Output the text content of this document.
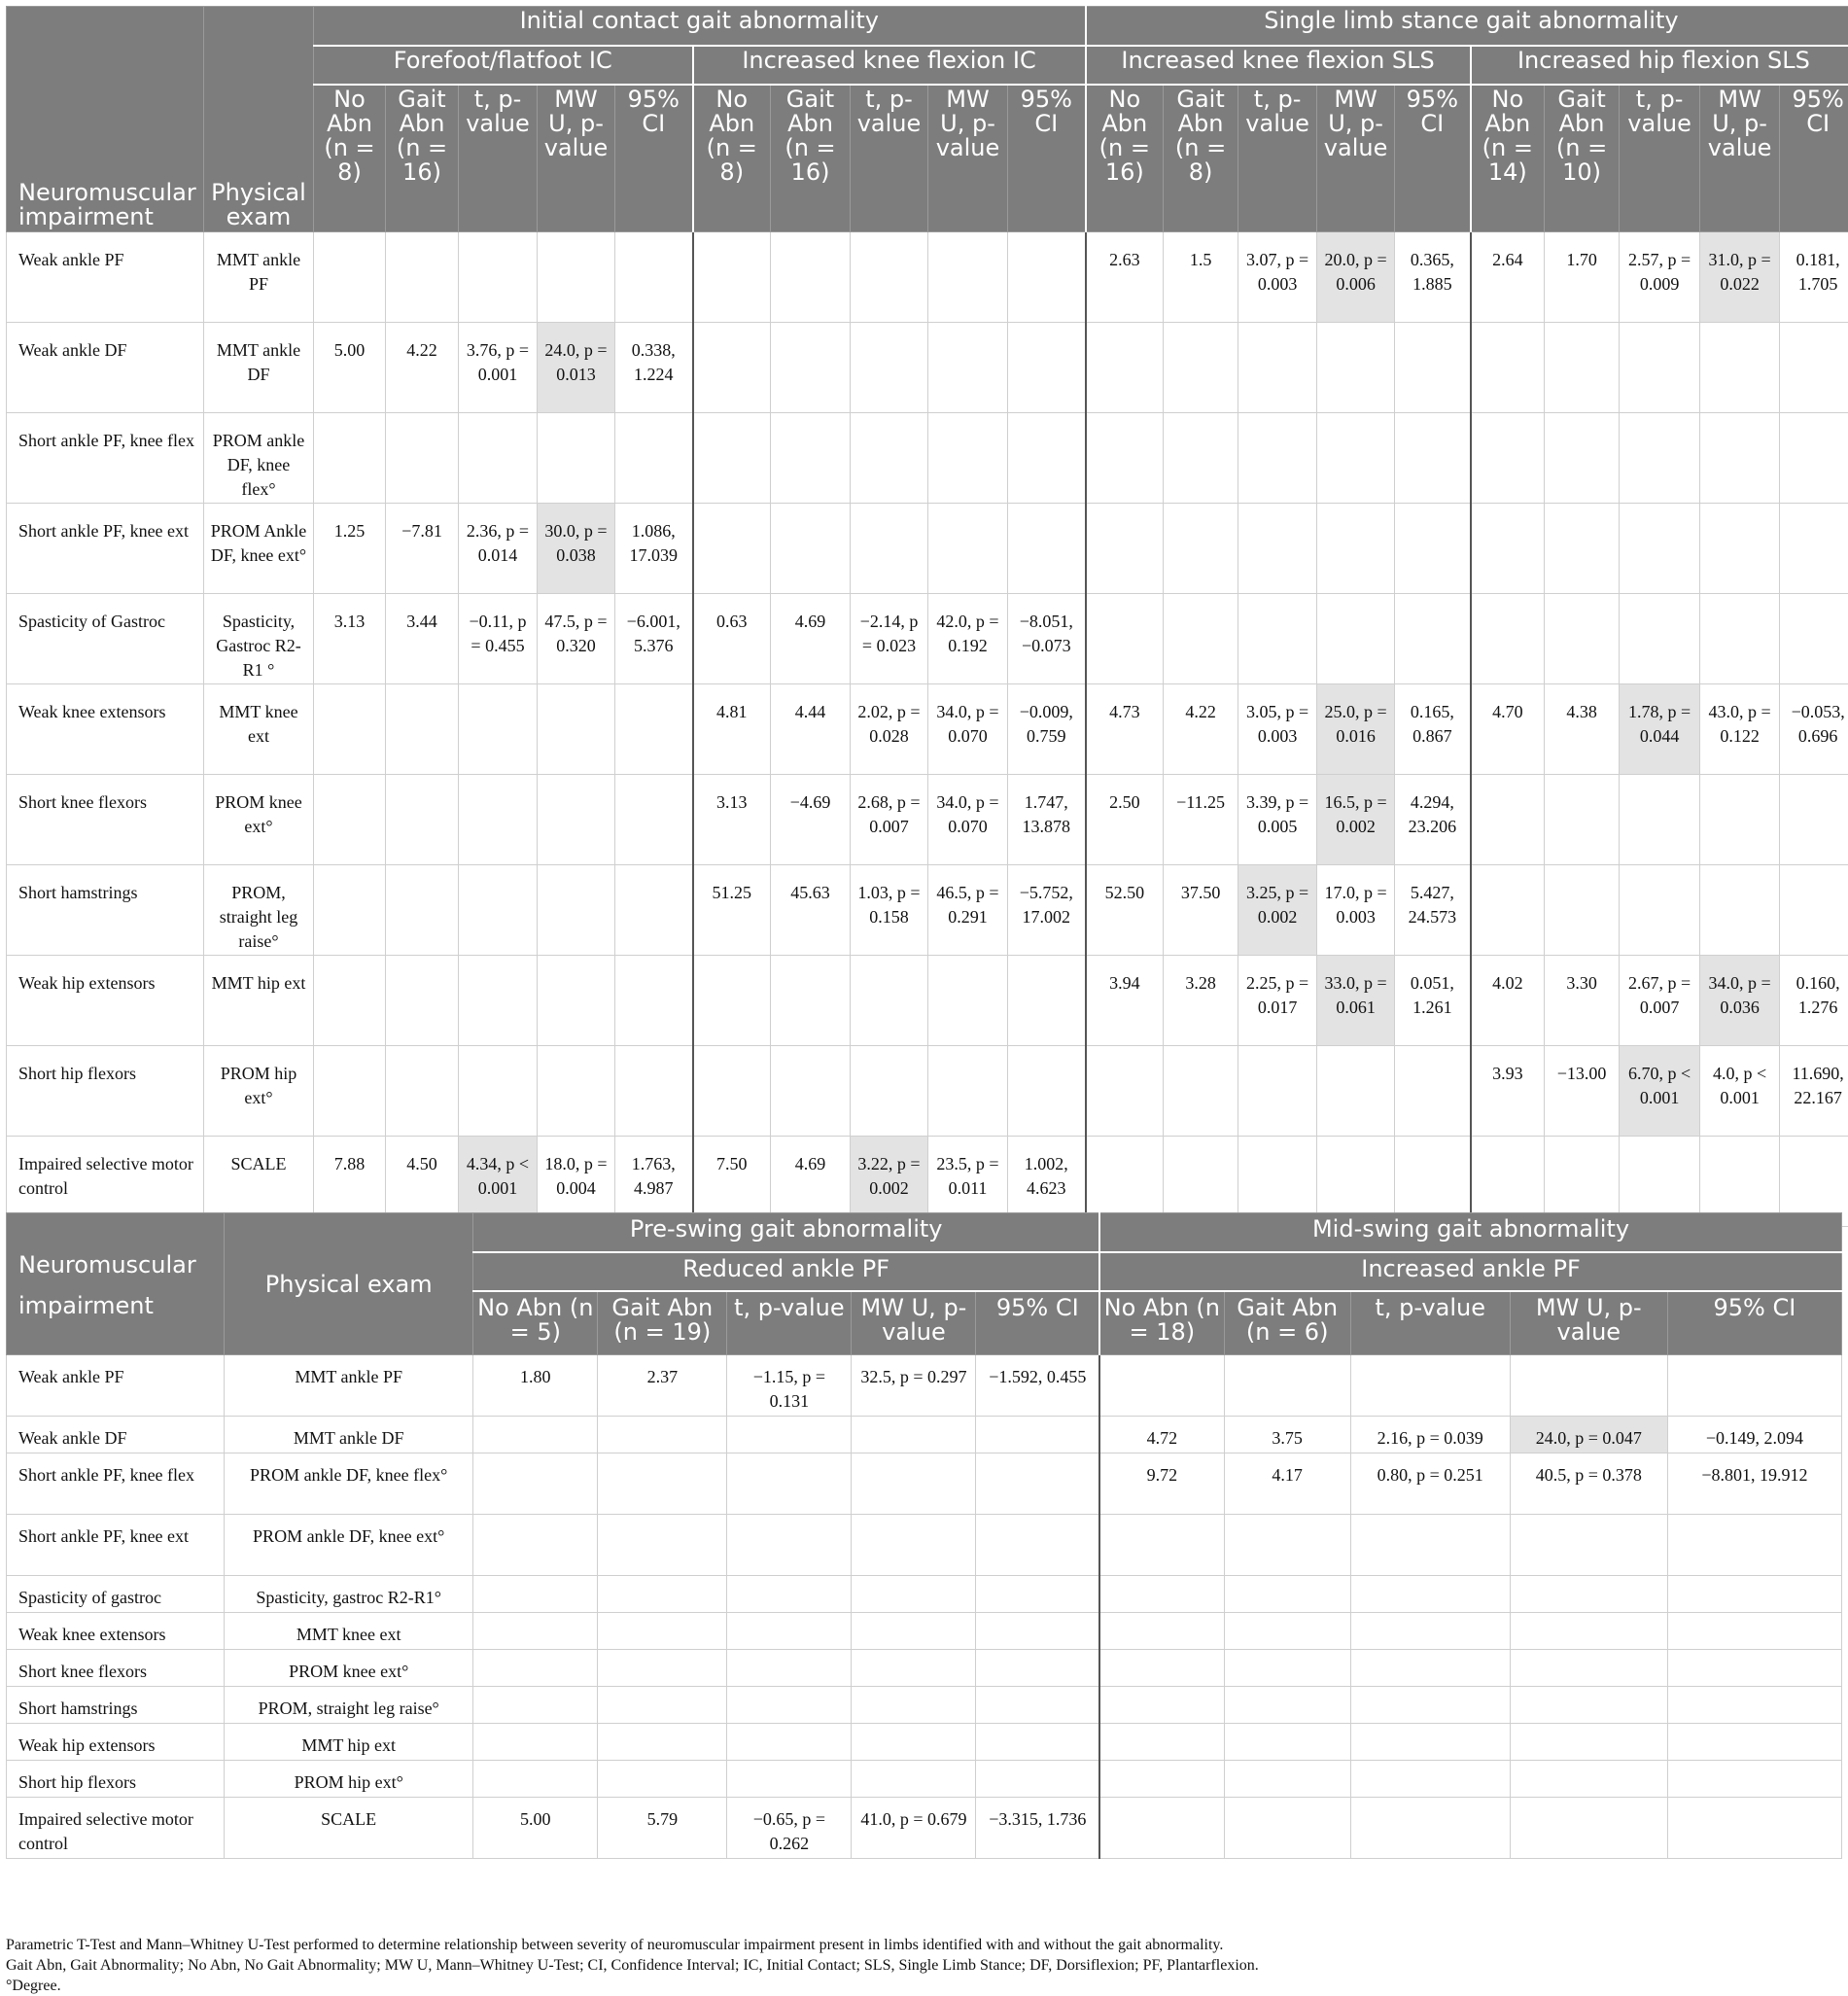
Neuromuscular impairment	Physical exam	Initial contact gait abnormality										Single limb stance gait abnormality									
		Forefoot/flatfoot IC					Increased knee flexion IC					Increased knee flexion SLS					Increased hip flexion SLS				
		No Abn (n = 8)	Gait Abn (n = 16)	t, p-value	MW U, p-value	95% CI	No Abn (n = 8)	Gait Abn (n = 16)	t, p-value	MW U, p-value	95% CI	No Abn (n = 16)	Gait Abn (n = 8)	t, p-value	MW U, p-value	95% CI	No Abn (n = 14)	Gait Abn (n = 10)	t, p-value	MW U, p-value	95% CI
Weak ankle PF	MMT ankle PF											2.63	1.5	3.07, p = 0.003	20.0, p = 0.006	0.365, 1.885	2.64	1.70	2.57, p = 0.009	31.0, p = 0.022	0.181, 1.705
Weak ankle DF	MMT ankle DF	5.00	4.22	3.76, p = 0.001	24.0, p = 0.013	0.338, 1.224															
Short ankle PF, knee flex	PROM ankle DF, knee flex°																				
Short ankle PF, knee ext	PROM Ankle DF, knee ext°	1.25	−7.81	2.36, p = 0.014	30.0, p = 0.038	1.086, 17.039															
Spasticity of Gastroc	Spasticity, Gastroc R2-R1 °	3.13	3.44	−0.11, p = 0.455	47.5, p = 0.320	−6.001, 5.376	0.63	4.69	−2.14, p = 0.023	42.0, p = 0.192	−8.051, −0.073										
Weak knee extensors	MMT knee ext						4.81	4.44	2.02, p = 0.028	34.0, p = 0.070	−0.009, 0.759	4.73	4.22	3.05, p = 0.003	25.0, p = 0.016	0.165, 0.867	4.70	4.38	1.78, p = 0.044	43.0, p = 0.122	−0.053, 0.696
Short knee flexors	PROM knee ext°						3.13	−4.69	2.68, p = 0.007	34.0, p = 0.070	1.747, 13.878	2.50	−11.25	3.39, p = 0.005	16.5, p = 0.002	4.294, 23.206					
Short hamstrings	PROM, straight leg raise°						51.25	45.63	1.03, p = 0.158	46.5, p = 0.291	−5.752, 17.002	52.50	37.50	3.25, p = 0.002	17.0, p = 0.003	5.427, 24.573					
Weak hip extensors	MMT hip ext											3.94	3.28	2.25, p = 0.017	33.0, p = 0.061	0.051, 1.261	4.02	3.30	2.67, p = 0.007	34.0, p = 0.036	0.160, 1.276
Short hip flexors	PROM hip ext°																3.93	−13.00	6.70, p < 0.001	4.0, p < 0.001	11.690, 22.167
Impaired selective motor control	SCALE	7.88	4.50	4.34, p < 0.001	18.0, p = 0.004	1.763, 4.987	7.50	4.69	3.22, p = 0.002	23.5, p = 0.011	1.002, 4.623										
Neuromuscular impairment	Physical exam	Pre-swing gait abnormality					Mid-swing gait abnormality				
		Reduced ankle PF					Increased ankle PF				
		No Abn (n = 5)	Gait Abn (n = 19)	t, p-value	MW U, p-value	95% CI	No Abn (n = 18)	Gait Abn (n = 6)	t, p-value	MW U, p-value	95% CI
Weak ankle PF	MMT ankle PF	1.80	2.37	−1.15, p = 0.131	32.5, p = 0.297	−1.592, 0.455					
Weak ankle DF	MMT ankle DF						4.72	3.75	2.16, p = 0.039	24.0, p = 0.047	−0.149, 2.094
Short ankle PF, knee flex	PROM ankle DF, knee flex°						9.72	4.17	0.80, p = 0.251	40.5, p = 0.378	−8.801, 19.912
Short ankle PF, knee ext	PROM ankle DF, knee ext°										
Spasticity of gastroc	Spasticity, gastroc R2-R1°										
Weak knee extensors	MMT knee ext										
Short knee flexors	PROM knee ext°										
Short hamstrings	PROM, straight leg raise°										
Weak hip extensors	MMT hip ext										
Short hip flexors	PROM hip ext°										
Impaired selective motor control	SCALE	5.00	5.79	−0.65, p = 0.262	41.0, p = 0.679	−3.315, 1.736					
Parametric T-Test and Mann–Whitney U-Test performed to determine relationship between severity of neuromuscular impairment present in limbs identified with and without the gait abnormality.
Gait Abn, Gait Abnormality; No Abn, No Gait Abnormality; MW U, Mann–Whitney U-Test; CI, Confidence Interval; IC, Initial Contact; SLS, Single Limb Stance; DF, Dorsiflexion; PF, Plantarflexion.
°Degree.
